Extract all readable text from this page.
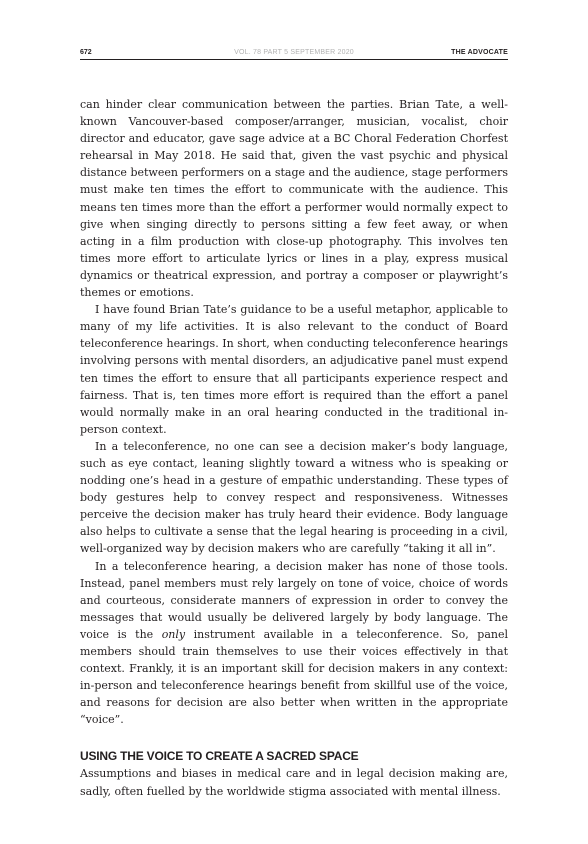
672	VOL. 78 PART 5 SEPTEMBER 2020	THE ADVOCATE

can hinder clear communication between the parties. Brian Tate, a well-known Vancouver-based composer/arranger, musician, vocalist, choir director and educator, gave sage advice at a BC Choral Federation Chorfest rehearsal in May 2018. He said that, given the vast psychic and physical distance between performers on a stage and the audience, stage performers must make ten times the effort to communicate with the audience. This means ten times more than the effort a performer would normally expect to give when singing directly to persons sitting a few feet away, or when acting in a film production with close-up photography. This involves ten times more effort to articulate lyrics or lines in a play, express musical dynamics or theatrical expression, and portray a composer or playwright’s themes or emotions.

I have found Brian Tate’s guidance to be a useful metaphor, applicable to many of my life activities. It is also relevant to the conduct of Board teleconference hearings. In short, when conducting teleconference hearings involving persons with mental disorders, an adjudicative panel must expend ten times the effort to ensure that all participants experience respect and fairness. That is, ten times more effort is required than the effort a panel would normally make in an oral hearing conducted in the traditional in-person context.

In a teleconference, no one can see a decision maker’s body language, such as eye contact, leaning slightly toward a witness who is speaking or nodding one’s head in a gesture of empathic understanding. These types of body gestures help to convey respect and responsiveness. Witnesses perceive the decision maker has truly heard their evidence. Body language also helps to cultivate a sense that the legal hearing is proceeding in a civil, well-organized way by decision makers who are carefully “taking it all in”.

In a teleconference hearing, a decision maker has none of those tools. Instead, panel members must rely largely on tone of voice, choice of words and courteous, considerate manners of expression in order to convey the messages that would usually be delivered largely by body language. The voice is the only instrument available in a teleconference. So, panel members should train themselves to use their voices effectively in that context. Frankly, it is an important skill for decision makers in any context: in-person and teleconference hearings benefit from skillful use of the voice, and reasons for decision are also better when written in the appropriate “voice”.

USING THE VOICE TO CREATE A SACRED SPACE

Assumptions and biases in medical care and in legal decision making are, sadly, often fuelled by the worldwide stigma associated with mental illness.
